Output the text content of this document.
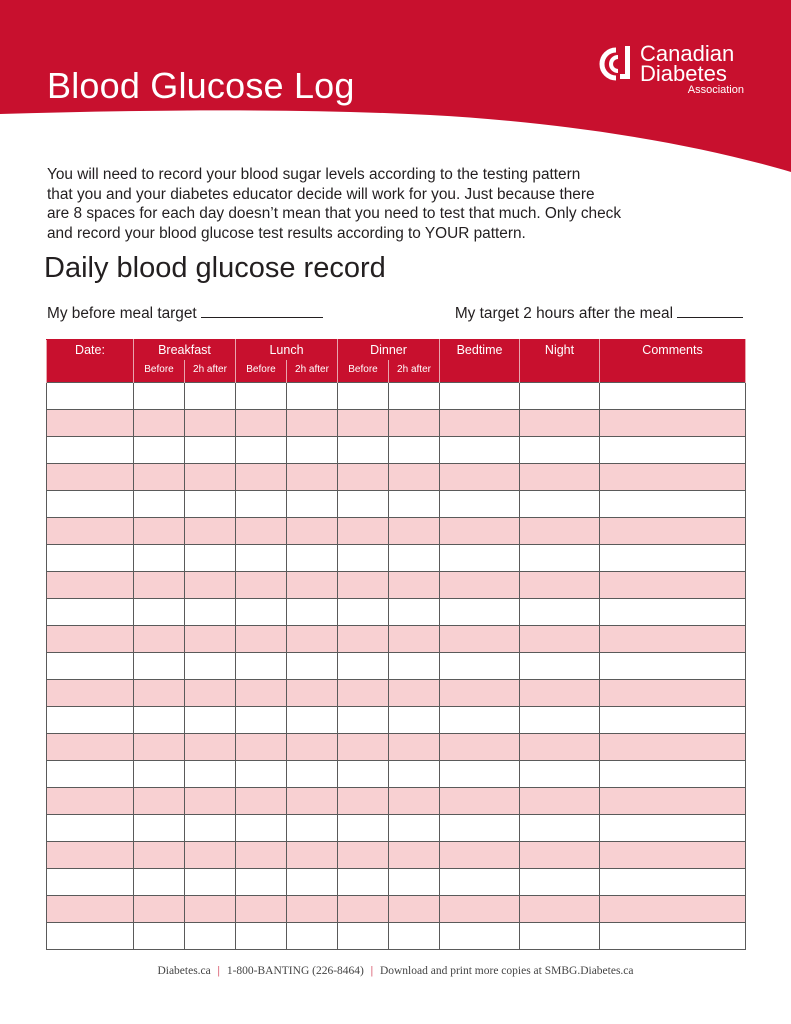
Blood Glucose Log
Canadian
Diabetes
Association

You will need to record your blood sugar levels according to the testing pattern
that you and your diabetes educator decide will work for you. Just because there
are 8 spaces for each day doesn’t mean that you need to test that much. Only check
and record your blood glucose test results according to YOUR pattern.

Daily blood glucose record
My before meal target	My target 2 hours after the meal
Date:	Breakfast		Lunch		Dinner		Bedtime	Night	Comments
	Before	2h after	Before	2h after	Before	2h after			

Diabetes.ca | 1-800-BANTING (226-8464) | Download and print more copies at SMBG.Diabetes.ca
